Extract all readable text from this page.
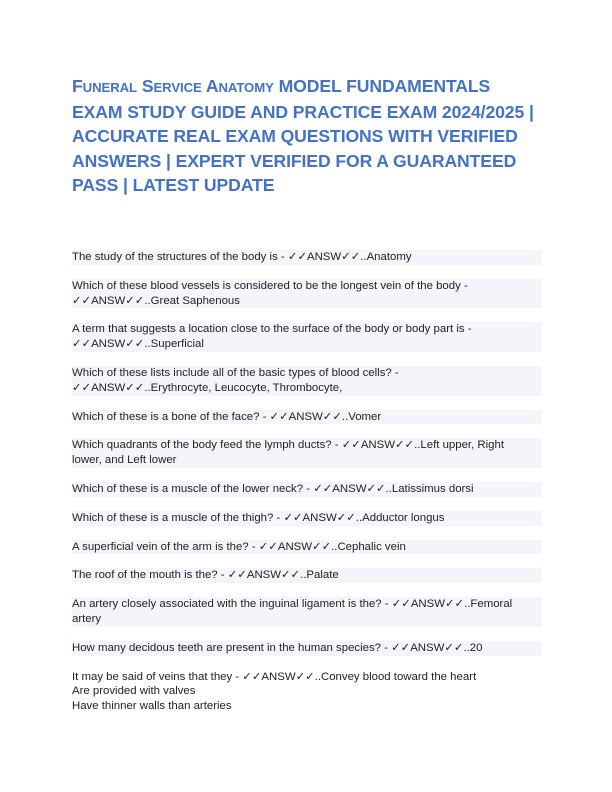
FUNERAL SERVICE ANATOMY MODEL FUNDAMENTALS EXAM STUDY GUIDE AND PRACTICE EXAM 2024/2025 | ACCURATE REAL EXAM QUESTIONS WITH VERIFIED ANSWERS | EXPERT VERIFIED FOR A GUARANTEED PASS | LATEST UPDATE
The study of the structures of the body is - ✓✓ANSW✓✓..Anatomy
Which of these blood vessels is considered to be the longest vein of the body -
✓✓ANSW✓✓..Great Saphenous
A term that suggests a location close to the surface of the body or body part is -
✓✓ANSW✓✓..Superficial
Which of these lists include all of the basic types of blood cells? -
✓✓ANSW✓✓..Erythrocyte, Leucocyte, Thrombocyte,
Which of these is a bone of the face? - ✓✓ANSW✓✓..Vomer
Which quadrants of the body feed the lymph ducts? - ✓✓ANSW✓✓..Left upper, Right
lower, and Left lower
Which of these is a muscle of the lower neck? - ✓✓ANSW✓✓..Latissimus dorsi
Which of these is a muscle of the thigh? - ✓✓ANSW✓✓..Adductor longus
A superficial vein of the arm is the? - ✓✓ANSW✓✓..Cephalic vein
The roof of the mouth is the? - ✓✓ANSW✓✓..Palate
An artery closely associated with the inguinal ligament is the? - ✓✓ANSW✓✓..Femoral
artery
How many decidous teeth are present in the human species? - ✓✓ANSW✓✓..20
It may be said of veins that they - ✓✓ANSW✓✓..Convey blood toward the heart
Are provided with valves
Have thinner walls than arteries
